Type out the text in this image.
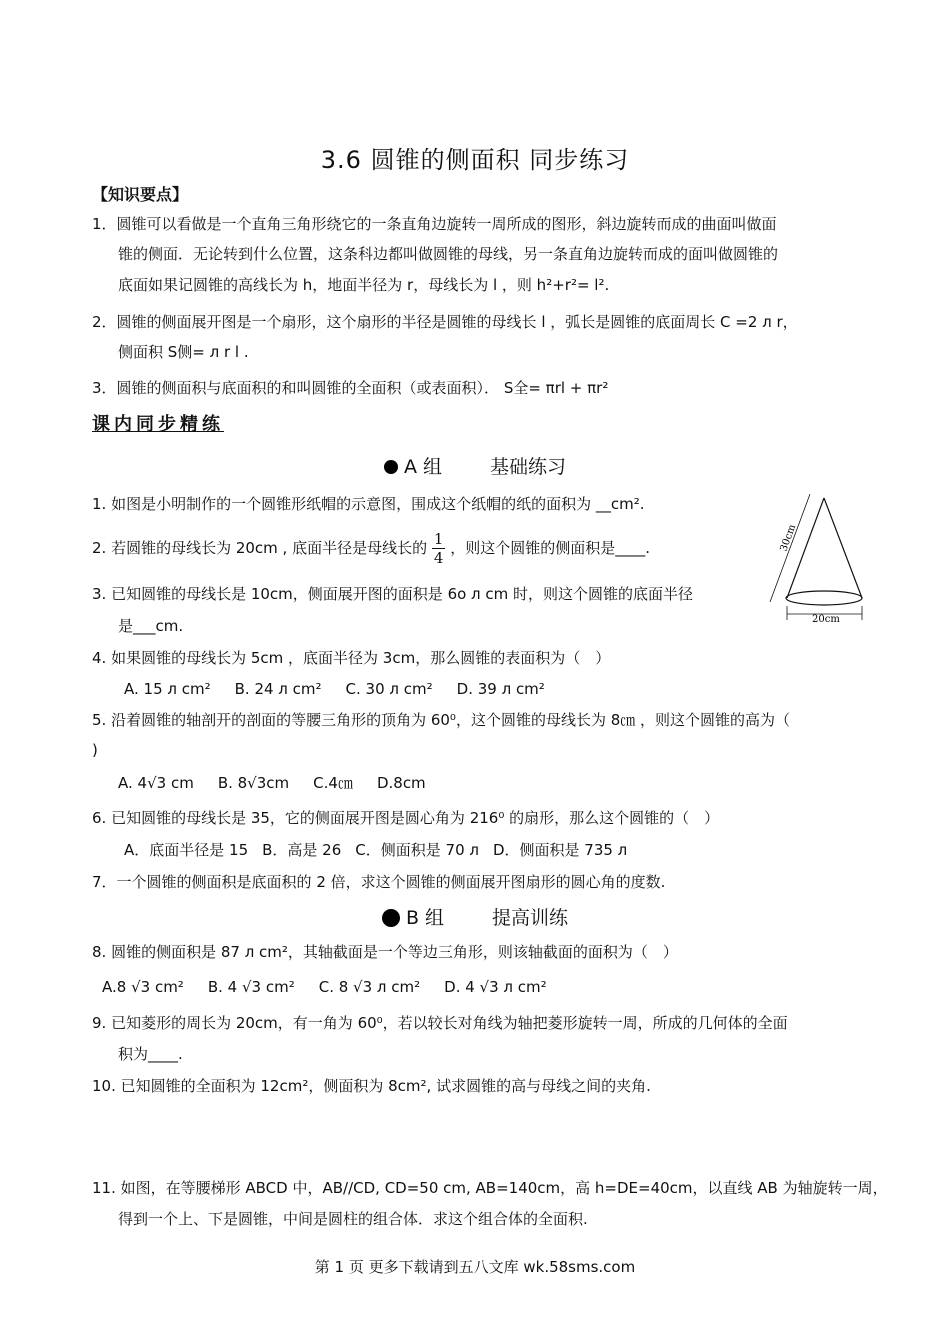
3.6 圆锥的侧面积 同步练习
【知识要点】
1．圆锥可以看做是一个直角三角形绕它的一条直角边旋转一周所成的图形，斜边旋转而成的曲面叫做面
锥的侧面．无论转到什么位置，这条科边都叫做圆锥的母线，另一条直角边旋转而成的面叫做圆锥的
底面如果记圆锥的高线长为 h，地面半径为 r，母线长为 l ，则 h²+r²= l².
2．圆锥的侧面展开图是一个扇形，这个扇形的半径是圆锥的母线长 l ，弧长是圆锥的底面周长 C =2 л r，
侧面积 S侧= л r l .
3．圆锥的侧面积与底面积的和叫圆锥的全面积（或表面积）． S全= πrl + πr²
课内同步精练
A 组	基础练习
30cm
20cm
1. 如图是小明制作的一个圆锥形纸帽的示意图，围成这个纸帽的纸的面积为 __cm².
2. 若圆锥的母线长为 20cm , 底面半径是母线长的 $\frac{1}{4}$ ，则这个圆锥的侧面积是____.
3. 已知圆锥的母线长是 10cm，侧面展开图的面积是 6o л cm 时，则这个圆锥的底面半径
是___cm.
4. 如果圆锥的母线长为 5cm ，底面半径为 3cm，那么圆锥的表面积为（　）
A. 15 л cm² B. 24 л cm² C. 30 л cm² D. 39 л cm²
5. 沿着圆锥的轴剖开的剖面的等腰三角形的顶角为 60⁰，这个圆锥的母线长为 8㎝ ，则这个圆锥的高为（
)
A. 4√3 cm B. 8√3cm C.4㎝ D.8cm
6. 已知圆锥的母线长是 35，它的侧面展开图是圆心角为 216⁰ 的扇形，那么这个圆锥的（　）
A．底面半径是 15 B．高是 26 C．侧面积是 70 л D．侧面积是 735 л
7．一个圆锥的侧面积是底面积的 2 倍，求这个圆锥的侧面展开图扇形的圆心角的度数.
B 组	提高训练
8. 圆锥的侧面积是 87 л cm²，其轴截面是一个等边三角形，则该轴截面的面积为（　）
A.8 √3 cm² B. 4 √3 cm² C. 8 √3 л cm² D. 4 √3 л cm²
9. 已知菱形的周长为 20cm，有一角为 60⁰，若以较长对角线为轴把菱形旋转一周，所成的几何体的全面
积为____.
10. 已知圆锥的全面积为 12cm²，侧面积为 8cm², 试求圆锥的高与母线之间的夹角.
11. 如图，在等腰梯形 ABCD 中，AB//CD, CD=50 cm, AB=140cm，高 h=DE=40cm，以直线 AB 为轴旋转一周，
得到一个上、下是圆锥，中间是圆柱的组合体．求这个组合体的全面积.
第 1 页 更多下载请到五八文库 wk.58sms.com
